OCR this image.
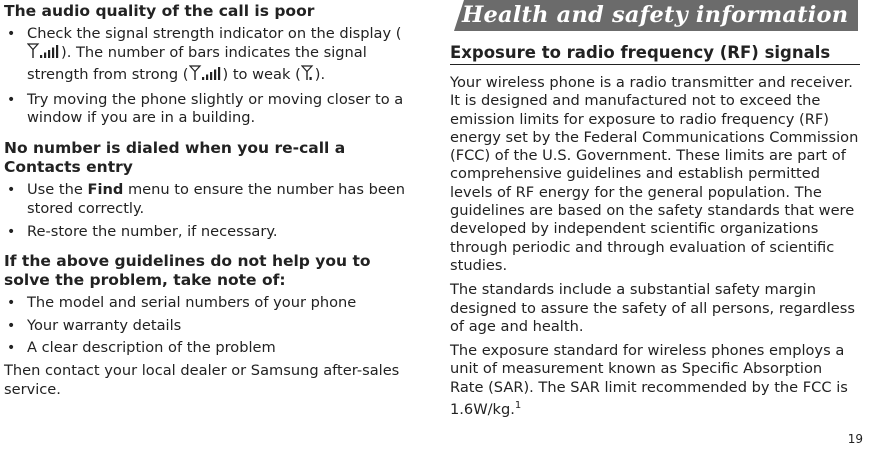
The audio quality of the call is poor
• Check the signal strength indicator on the display (). The number of bars indicates the signal strength from strong ( ) to weak ( ).
• Try moving the phone slightly or moving closer to a window if you are in a building.
No number is dialed when you re-call a Contacts entry
• Use the Find menu to ensure the number has been stored correctly.
• Re-store the number, if necessary.
If the above guidelines do not help you to solve the problem, take note of:
• The model and serial numbers of your phone
• Your warranty details
• A clear description of the problem

Then contact your local dealer or Samsung after-sales service.

Health and safety information
Exposure to radio frequency (RF) signals

Your wireless phone is a radio transmitter and receiver. It is designed and manufactured not to exceed the emission limits for exposure to radio frequency (RF) energy set by the Federal Communications Commission (FCC) of the U.S. Government. These limits are part of comprehensive guidelines and establish permitted levels of RF energy for the general population. The guidelines are based on the safety standards that were developed by independent scientific organizations through periodic and through evaluation of scientific studies.

The standards include a substantial safety margin designed to assure the safety of all persons, regardless of age and health.

The exposure standard for wireless phones employs a unit of measurement known as Specific Absorption Rate (SAR). The SAR limit recommended by the FCC is 1.6W/kg.$^1$

19
